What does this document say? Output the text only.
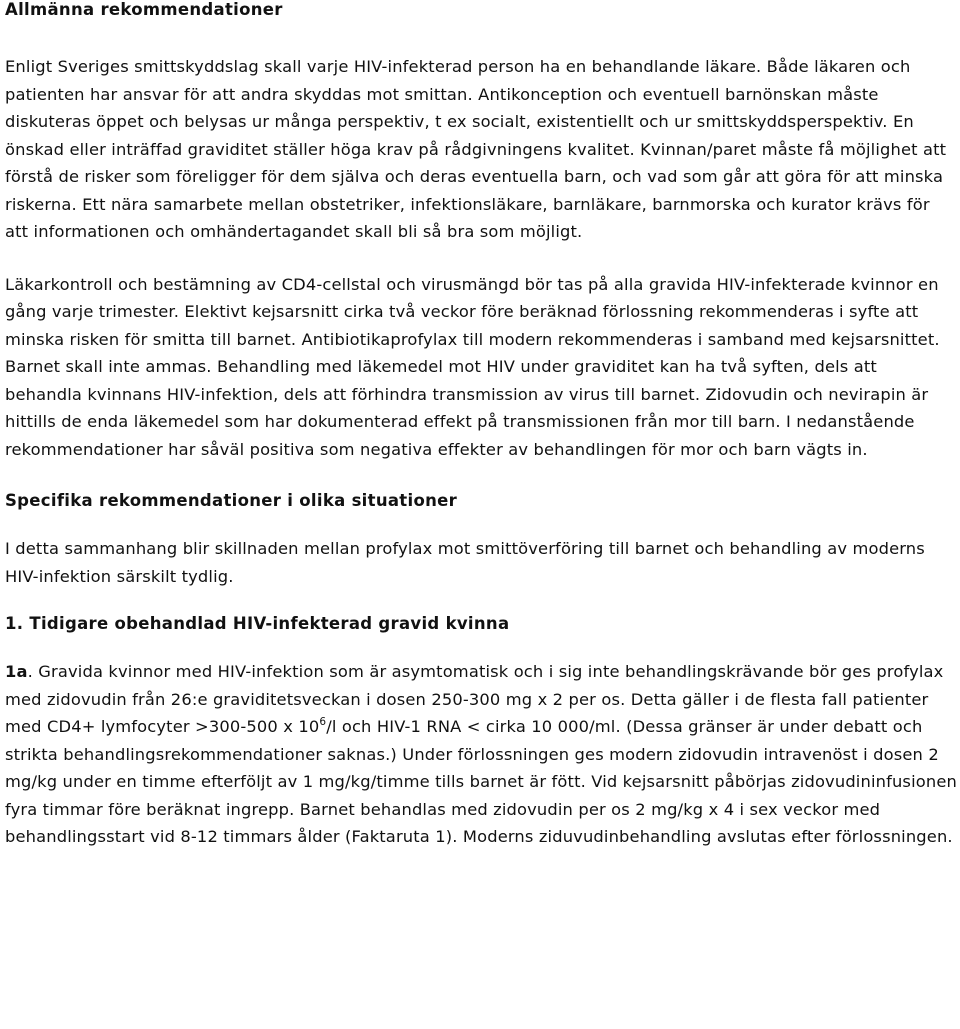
Allmänna rekommendationer

Enligt Sveriges smittskyddslag skall varje HIV-infekterad person ha en behandlande läkare. Både läkaren och patienten har ansvar för att andra skyddas mot smittan. Antikonception och eventuell barnönskan måste diskuteras öppet och belysas ur många perspektiv, t ex socialt, existentiellt och ur smittskyddsperspektiv. En önskad eller inträffad graviditet ställer höga krav på rådgivningens kvalitet. Kvinnan/paret måste få möjlighet att förstå de risker som föreligger för dem själva och deras eventuella barn, och vad som går att göra för att minska riskerna. Ett nära samarbete mellan obstetriker, infektionsläkare, barnläkare, barnmorska och kurator krävs för att informationen och omhändertagandet skall bli så bra som möjligt.

Läkarkontroll och bestämning av CD4-cellstal och virusmängd bör tas på alla gravida HIV-infekterade kvinnor en gång varje trimester. Elektivt kejsarsnitt cirka två veckor före beräknad förlossning rekommenderas i syfte att minska risken för smitta till barnet. Antibiotikaprofylax till modern rekommenderas i samband med kejsarsnittet. Barnet skall inte ammas. Behandling med läkemedel mot HIV under graviditet kan ha två syften, dels att behandla kvinnans HIV-infektion, dels att förhindra transmission av virus till barnet. Zidovudin och nevirapin är hittills de enda läkemedel som har dokumenterad effekt på transmissionen från mor till barn. I nedanstående rekommendationer har såväl positiva som negativa effekter av behandlingen för mor och barn vägts in.

Specifika rekommendationer i olika situationer

I detta sammanhang blir skillnaden mellan profylax mot smittöverföring till barnet och behandling av moderns HIV-infektion särskilt tydlig.

1. Tidigare obehandlad HIV-infekterad gravid kvinna

1a. Gravida kvinnor med HIV-infektion som är asymtomatisk och i sig inte behandlingskrävande bör ges profylax med zidovudin från 26:e graviditetsveckan i dosen 250-300 mg x 2 per os. Detta gäller i de flesta fall patienter med CD4+ lymfocyter >300-500 x $10^6/l$ och HIV-1 RNA < cirka 10 000/ml. (Dessa gränser är under debatt och strikta behandlingsrekommendationer saknas.) Under förlossningen ges modern zidovudin intravenöst i dosen 2 mg/kg under en timme efterföljt av 1 mg/kg/timme tills barnet är fött. Vid kejsarsnitt påbörjas zidovudininfusionen fyra timmar före beräknat ingrepp. Barnet behandlas med zidovudin per os 2 mg/kg x 4 i sex veckor med behandlingsstart vid 8-12 timmars ålder (Faktaruta 1). Moderns ziduvudinbehandling avslutas efter förlossningen.
